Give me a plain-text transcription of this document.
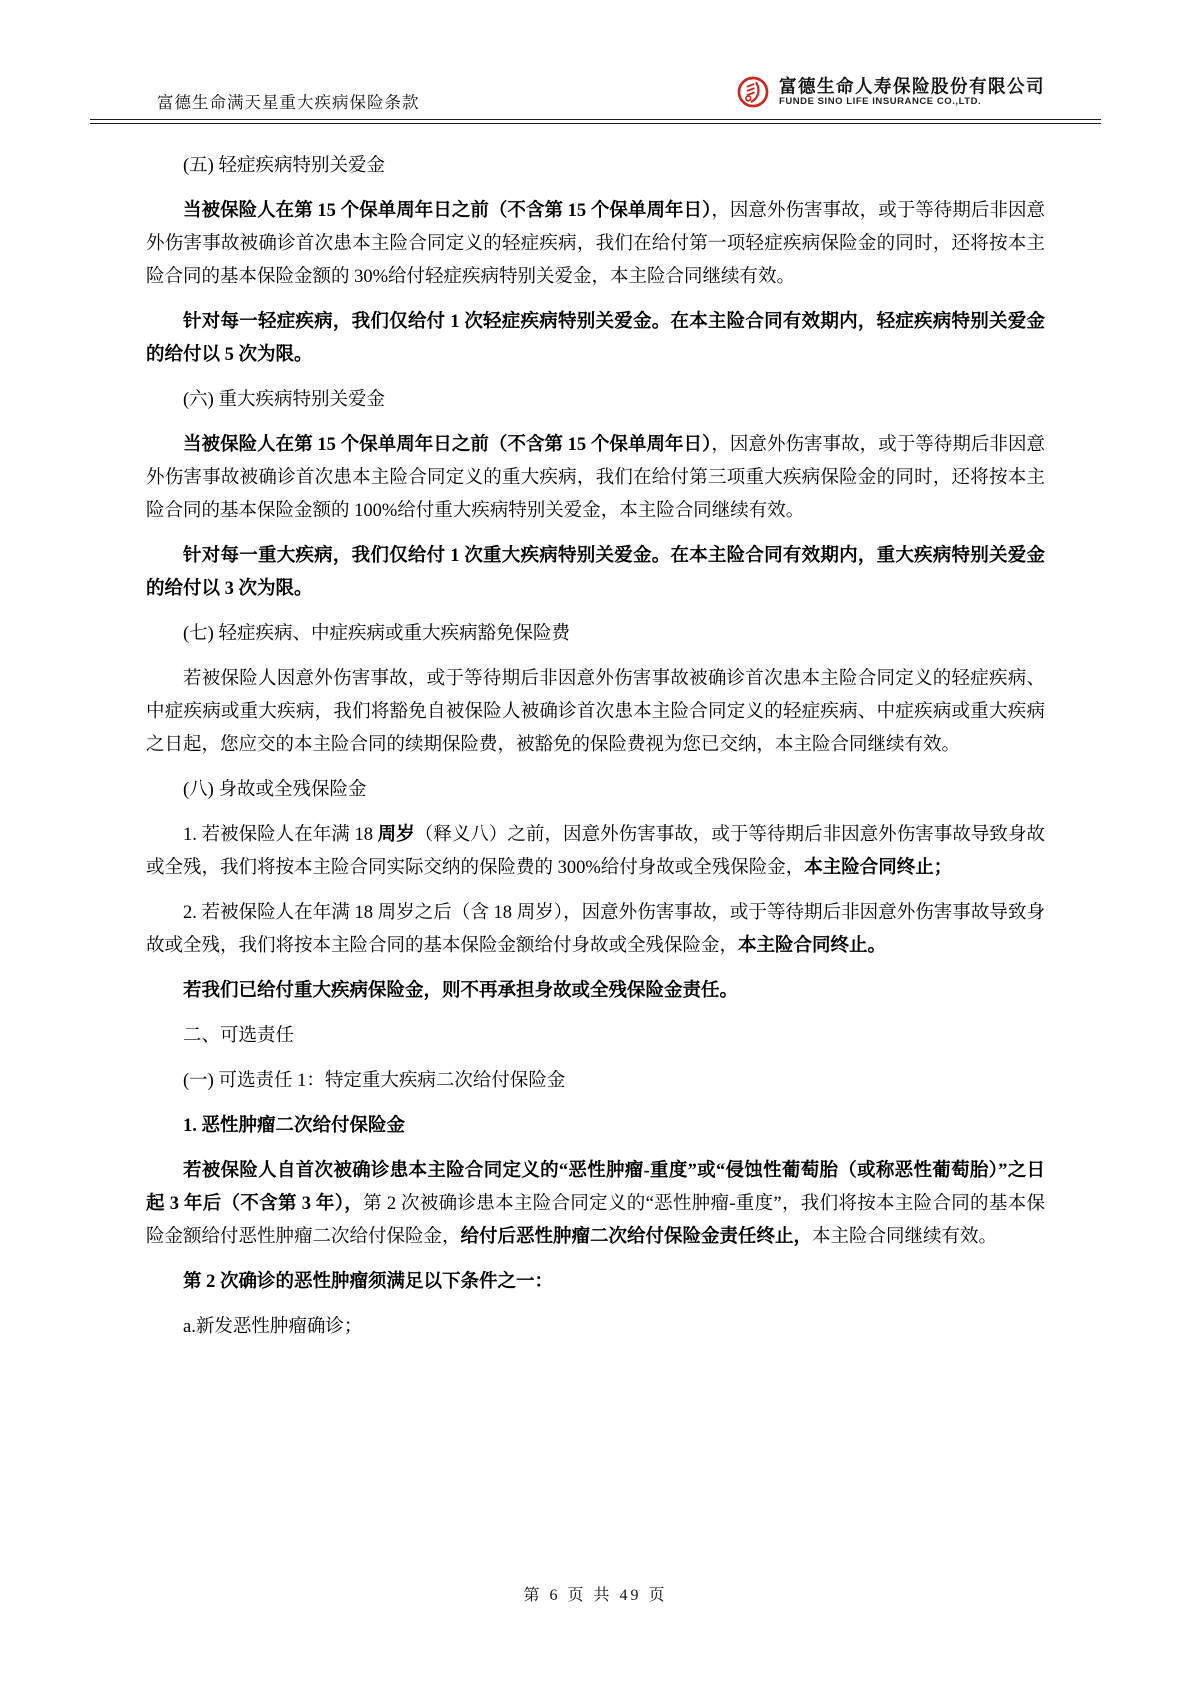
富德生命满天星重大疾病保险条款
富德生命人寿保险股份有限公司
FUNDE SINO LIFE INSURANCE CO.,LTD.

(五) 轻症疾病特别关爱金

当被保险人在第 15 个保单周年日之前（不含第 15 个保单周年日），因意外伤害事故，或于等待期后非因意外伤害事故被确诊首次患本主险合同定义的轻症疾病，我们在给付第一项轻症疾病保险金的同时，还将按本主险合同的基本保险金额的 30%给付轻症疾病特别关爱金，本主险合同继续有效。

针对每一轻症疾病，我们仅给付 1 次轻症疾病特别关爱金。在本主险合同有效期内，轻症疾病特别关爱金的给付以 5 次为限。

(六) 重大疾病特别关爱金

当被保险人在第 15 个保单周年日之前（不含第 15 个保单周年日），因意外伤害事故，或于等待期后非因意外伤害事故被确诊首次患本主险合同定义的重大疾病，我们在给付第三项重大疾病保险金的同时，还将按本主险合同的基本保险金额的 100%给付重大疾病特别关爱金，本主险合同继续有效。

针对每一重大疾病，我们仅给付 1 次重大疾病特别关爱金。在本主险合同有效期内，重大疾病特别关爱金的给付以 3 次为限。

(七) 轻症疾病、中症疾病或重大疾病豁免保险费

若被保险人因意外伤害事故，或于等待期后非因意外伤害事故被确诊首次患本主险合同定义的轻症疾病、中症疾病或重大疾病，我们将豁免自被保险人被确诊首次患本主险合同定义的轻症疾病、中症疾病或重大疾病之日起，您应交的本主险合同的续期保险费，被豁免的保险费视为您已交纳，本主险合同继续有效。

(八) 身故或全残保险金

1. 若被保险人在年满 18 周岁（释义八）之前，因意外伤害事故，或于等待期后非因意外伤害事故导致身故或全残，我们将按本主险合同实际交纳的保险费的 300%给付身故或全残保险金，本主险合同终止；

2. 若被保险人在年满 18 周岁之后（含 18 周岁），因意外伤害事故，或于等待期后非因意外伤害事故导致身故或全残，我们将按本主险合同的基本保险金额给付身故或全残保险金，本主险合同终止。

若我们已给付重大疾病保险金，则不再承担身故或全残保险金责任。

二、可选责任

(一) 可选责任 1：特定重大疾病二次给付保险金

1. 恶性肿瘤二次给付保险金

若被保险人自首次被确诊患本主险合同定义的“恶性肿瘤-重度”或“侵蚀性葡萄胎（或称恶性葡萄胎）”之日起 3 年后（不含第 3 年），第 2 次被确诊患本主险合同定义的“恶性肿瘤-重度”，我们将按本主险合同的基本保险金额给付恶性肿瘤二次给付保险金，给付后恶性肿瘤二次给付保险金责任终止，本主险合同继续有效。

第 2 次确诊的恶性肿瘤须满足以下条件之一：

a.新发恶性肿瘤确诊；

第 6 页 共 49 页
